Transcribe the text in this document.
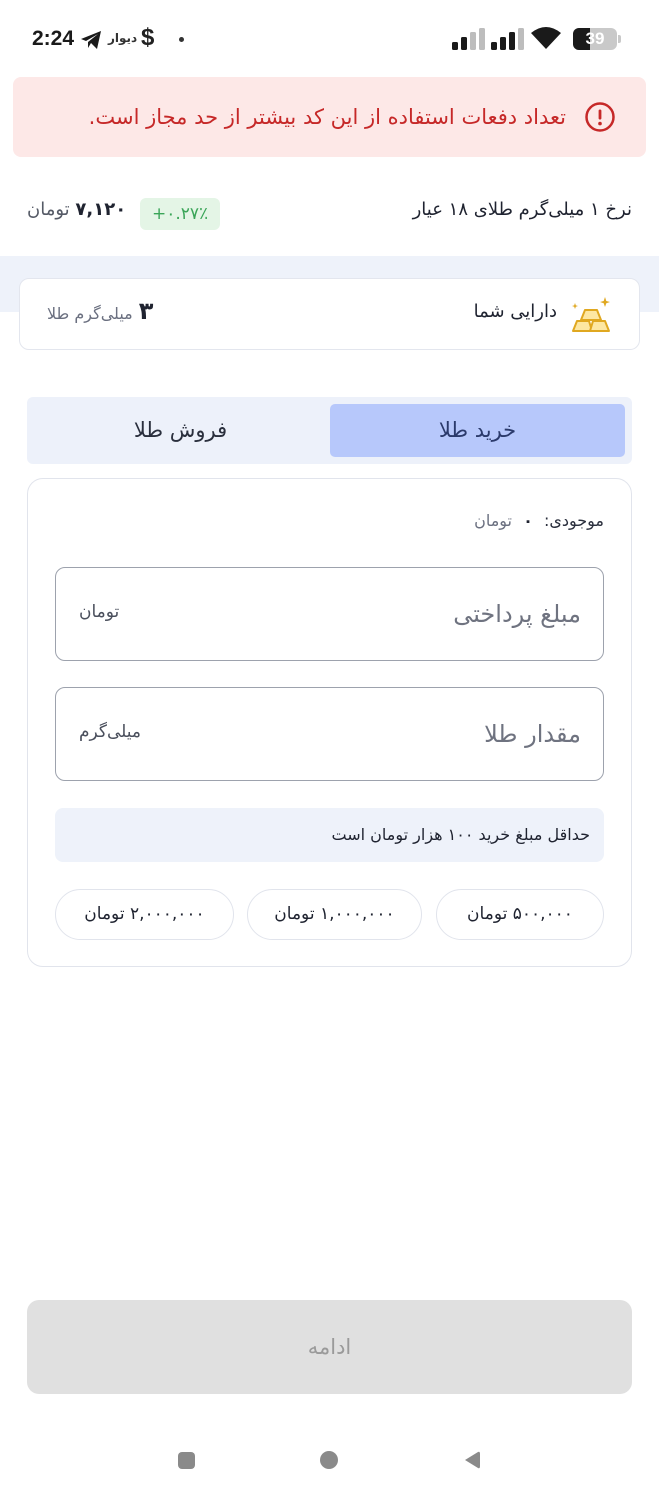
2:24	دیوار $	39
تعداد دفعات استفاده از این کد بیشتر از حد مجاز است.
نرخ ۱ میلی‌گرم طلای ۱۸ عیار
+۰.۲۷٪
۷,۱۲۰ تومان
دارایی شما
۳میلی‌گرم طلا
خرید طلا
فروش طلا
موجودی: ۰ تومان
مبلغ پرداختی
تومان
مقدار طلا
میلی‌گرم
حداقل مبلغ خرید ۱۰۰ هزار تومان است
۵۰۰,۰۰۰ تومان
۱,۰۰۰,۰۰۰ تومان
۲,۰۰۰,۰۰۰ تومان
ادامه
